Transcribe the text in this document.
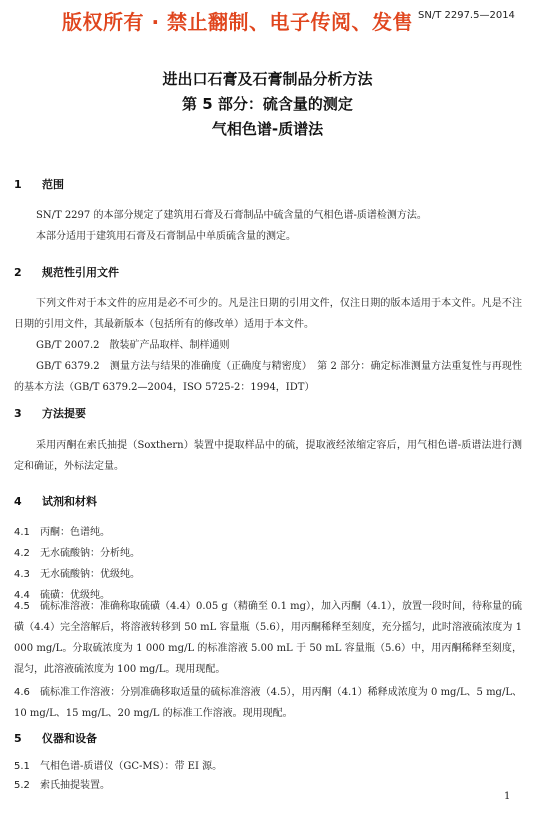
版权所有 · 禁止翻制、电子传阅、发售 SN/T 2297.5—2014
进出口石膏及石膏制品分析方法
第 5 部分：硫含量的测定
气相色谱-质谱法
1 范围
SN/T 2297 的本部分规定了建筑用石膏及石膏制品中硫含量的气相色谱-质谱检测方法。
本部分适用于建筑用石膏及石膏制品中单质硫含量的测定。
2 规范性引用文件
下列文件对于本文件的应用是必不可少的。凡是注日期的引用文件，仅注日期的版本适用于本文件。凡是不注日期的引用文件，其最新版本（包括所有的修改单）适用于本文件。
GB/T 2007.2　散装矿产品取样、制样通则
GB/T 6379.2　测量方法与结果的准确度（正确度与精密度）　第 2 部分：确定标准测量方法重复性与再现性的基本方法（GB/T 6379.2—2004，ISO 5725-2：1994，IDT）
3 方法提要
采用丙酮在索氏抽提（Soxthern）装置中提取样品中的硫，提取液经浓缩定容后，用气相色谱-质谱法进行测定和确证，外标法定量。
4 试剂和材料
4.1 丙酮：色谱纯。
4.2 无水硫酸钠：分析纯。
4.3 无水硫酸钠：优级纯。
4.4 硫磺：优级纯。
4.5 硫标准溶液：准确称取硫磺（4.4）0.05 g（精确至 0.1 mg），加入丙酮（4.1），放置一段时间，待称量的硫磺（4.4）完全溶解后，将溶液转移到 50 mL 容量瓶（5.6），用丙酮稀释至刻度，充分摇匀，此时溶液硫浓度为 1 000 mg/L。分取硫浓度为 1 000 mg/L 的标准溶液 5.00 mL 于 50 mL 容量瓶（5.6）中，用丙酮稀释至刻度，混匀，此溶液硫浓度为 100 mg/L。现用现配。
4.6 硫标准工作溶液：分别准确移取适量的硫标准溶液（4.5），用丙酮（4.1）稀释成浓度为 0 mg/L、5 mg/L、10 mg/L、15 mg/L、20 mg/L 的标准工作溶液。现用现配。
5 仪器和设备
5.1 气相色谱-质谱仪（GC-MS）：带 EI 源。
5.2 索氏抽提装置。
1
